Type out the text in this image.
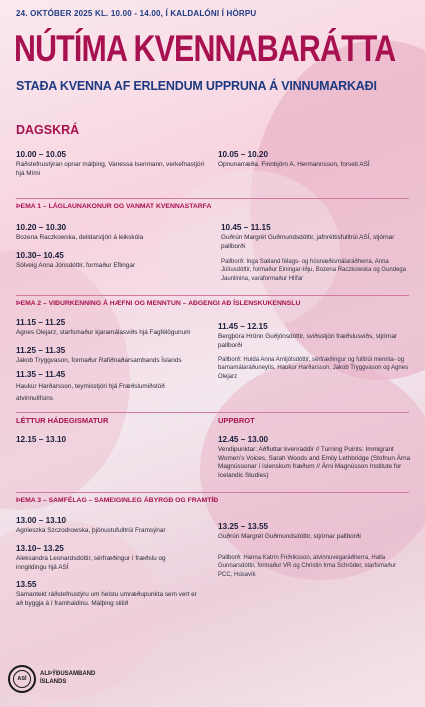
24. OKTÓBER 2025 KL. 10.00 - 14.00, Í KALDALÓNI Í HÖRPU
NÚTÍMA KVENNABARÁTTA
STAÐA KVENNA AF ERLENDUM UPPRUNA Á VINNUMARKAÐI
DAGSKRÁ
10.00 – 10.05
Ráðstefnustýran opnar málþing, Vanessa Isenmann, verkefnastjóri hjá Mími
10.05 – 10.20
Opnunarræða. Finnbjörn A. Hermannsson, forseti ASÍ
ÞEMA 1 – LÁGLAUNAKONUR OG VANMAT KVENNASTARFA
10.20 – 10.30
Bozena Raczkowska, deildarstjóri á leikskóla
10.30– 10.45
Sólveig Anna Jónsdóttir, formaður Eflingar
10.45 – 11.15
Guðrún Margrét Guðmundsdóttir, jafnréttisfulltrúi ASÍ, stjórnar pallborði
Pallborð: Inga Sæland félags- og húsnæðismálaráðherra, Anna Júlíusdóttir, formaður Einingar-Iðju, Bozena Raczkowska og Gundega Jaunlinina, varaformaður Hlífar
ÞEMA 2 – VIÐURKENNING Á HÆFNI OG MENNTUN – AÐGENGI AÐ ÍSLENSKUKENNSLU
11.15 – 11.25
Agnes Olejarz, starfsmaður kjaramálasviðs hjá Fagfélögunum
11.25 – 11.35
Jakob Tryggvason, formaður Rafiðnaðarsambands Íslands
11.35 – 11.45
Haukur Harðarsson, teymisstjóri hjá Fræðslumiðstöð atvinnulífsins
11.45 – 12.15
Bergþóra Hrönn Guðjónsdóttir, sviðsstjóri fræðslusviðs, stjórnar pallborði
Pallborð: Hulda Anna Arnljótsdóttir, sérfræðingur og fulltrúi mennta- og barnamálaráðuneytis, Haukur Harðarsson, Jakob Tryggvason og Agnes Olejarz
LÉTTUR HÁDEGISMATUR
12.15 – 13.10
UPPBROT
12.45 – 13.00
Vendipunktar: Aðfluttar kvenraddir // Turning Points: Immigrant Women’s Voices, Sarah Woods and Emily Lethbridge (Stofnun Árna Magnússonar í íslenskum fræðum // Árni Magnússon Institute for Icelandic Studies)
ÞEMA 3 – SAMFÉLAG – SAMEIGINLEG ÁBYRGÐ OG FRAMTÍÐ
13.00 – 13.10
Agnieszka Szczodrowska, þjónustufulltrúi Framsýnar
13.10– 13.25
Aleksandra Leonardsdóttir, sérfræðingur í fræðslu og inngildingu hjá ASÍ
13.55
Samantekt ráðstefnustýru um helstu umræðupunkta sem vert er að byggja á í framhaldinu. Málþing slitið
13.25 – 13.55
Guðrún Margrét Guðmundsdóttir, stjórnar pallborði
Pallborð: Hanna Katrín Friðriksson, atvinnuvegaráðherra, Halla Gunnarsdóttir, formaður VR og Christin Irma Schröder, starfsmaður PCC, Húsavík
ASÍ
ALÞÝÐUSAMBAND ÍSLANDS
